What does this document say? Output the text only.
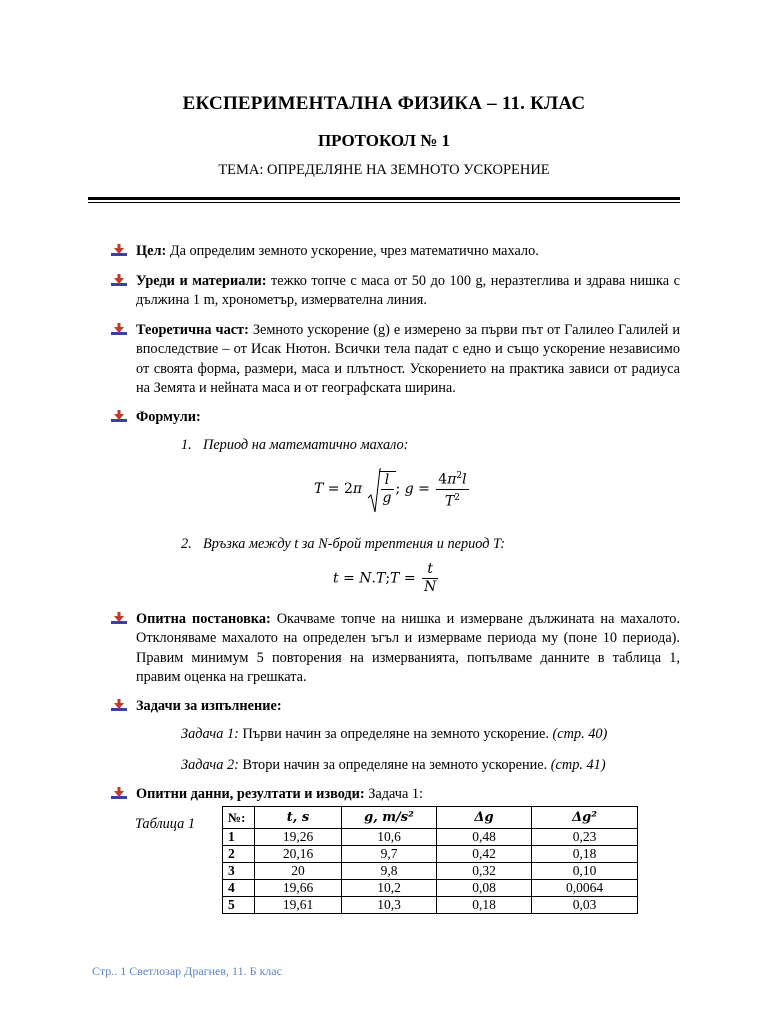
ЕКСПЕРИМЕНТАЛНА ФИЗИКА – 11. КЛАС
ПРОТОКОЛ № 1
ТЕМА: ОПРЕДЕЛЯНЕ НА ЗЕМНОТО УСКОРЕНИЕ
Цел: Да определим земното ускорение, чрез математично махало.
Уреди и материали: тежко топче с маса от 50 до 100 g, неразтеглива и здрава нишка с дължина 1 m, хронометър, измервателна линия.
Теоретична част: Земното ускорение (g) е измерено за първи път от Галилео Галилей и впоследствие – от Исак Нютон. Всички тела падат с едно и също ускорение независимо от своята форма, размери, маса и плътност. Ускорението на практика зависи от радиуса на Земята и нейната маса и от географската ширина.
Формули:
1. Период на математично махало:
$T = 2\pi \frac{l}{g}$ ; $g = \frac{4\pi^2l}{T^2}$
2. Връзка между t за N-брой трептения и период T:
t = N.T;T = $\frac{t}{N}$
Опитна постановка: Окачваме топче на нишка и измерване дължината на махалото. Отклоняваме махалото на определен ъгъл и измерваме периода му (поне 10 периода). Правим минимум 5 повторения на измерванията, попълваме данните в таблица 1, правим оценка на грешката.
Задачи за изпълнение:
Задача 1: Първи начин за определяне на земното ускорение. (стр. 40)
Задача 2: Втори начин за определяне на земното ускорение. (стр. 41)
Опитни данни, резултати и изводи: Задача 1:
Таблица 1	№:	t, s	g, m/s²	Δg	Δg²
1	19,26	10,6	0,48	0,23
2	20,16	9,7	0,42	0,18
3	20	9,8	0,32	0,10
4	19,66	10,2	0,08	0,0064
5	19,61	10,3	0,18	0,03
Стр.. 1 Светлозар Драгнев, 11. Б клас
